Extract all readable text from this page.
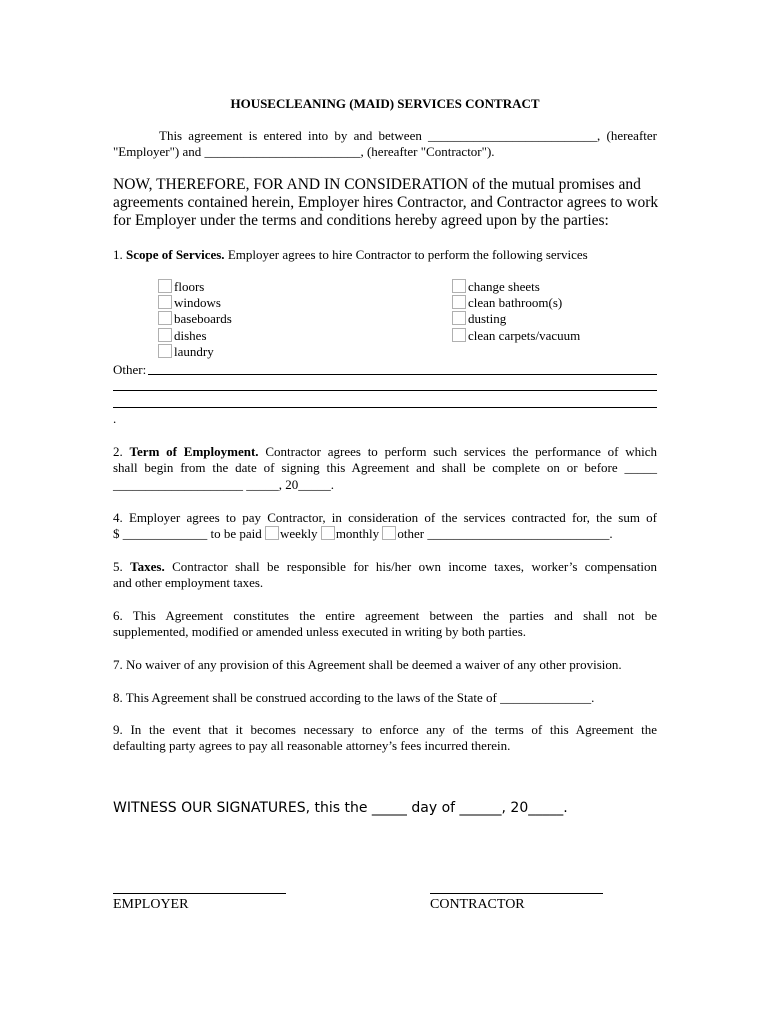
HOUSECLEANING (MAID) SERVICES CONTRACT
This agreement is entered into by and between __________________________, (hereafter
"Employer") and ________________________, (hereafter "Contractor").
NOW, THEREFORE, FOR AND IN CONSIDERATION of the mutual promises and
agreements contained herein, Employer hires Contractor, and Contractor agrees to work
for Employer under the terms and conditions hereby agreed upon by the parties:
1. Scope of Services. Employer agrees to hire Contractor to perform the following services
floors
windows
baseboards
dishes
laundry
change sheets
clean bathroom(s)
dusting
clean carpets/vacuum
Other:
.
2. Term of Employment. Contractor agrees to perform such services the performance of which
shall begin from the date of signing this Agreement and shall be complete on or before _____
____________________ _____, 20_____.
4. Employer agrees to pay Contractor, in consideration of the services contracted for, the sum of
$ _____________ to be paid weekly monthly other ____________________________.
5. Taxes. Contractor shall be responsible for his/her own income taxes, worker’s compensation
and other employment taxes.
6. This Agreement constitutes the entire agreement between the parties and shall not be
supplemented, modified or amended unless executed in writing by both parties.
7. No waiver of any provision of this Agreement shall be deemed a waiver of any other provision.
8. This Agreement shall be construed according to the laws of the State of ______________.
9. In the event that it becomes necessary to enforce any of the terms of this Agreement the
defaulting party agrees to pay all reasonable attorney’s fees incurred therein.
WITNESS OUR SIGNATURES, this the _____ day of ______, 20_____.
EMPLOYER	CONTRACTOR
